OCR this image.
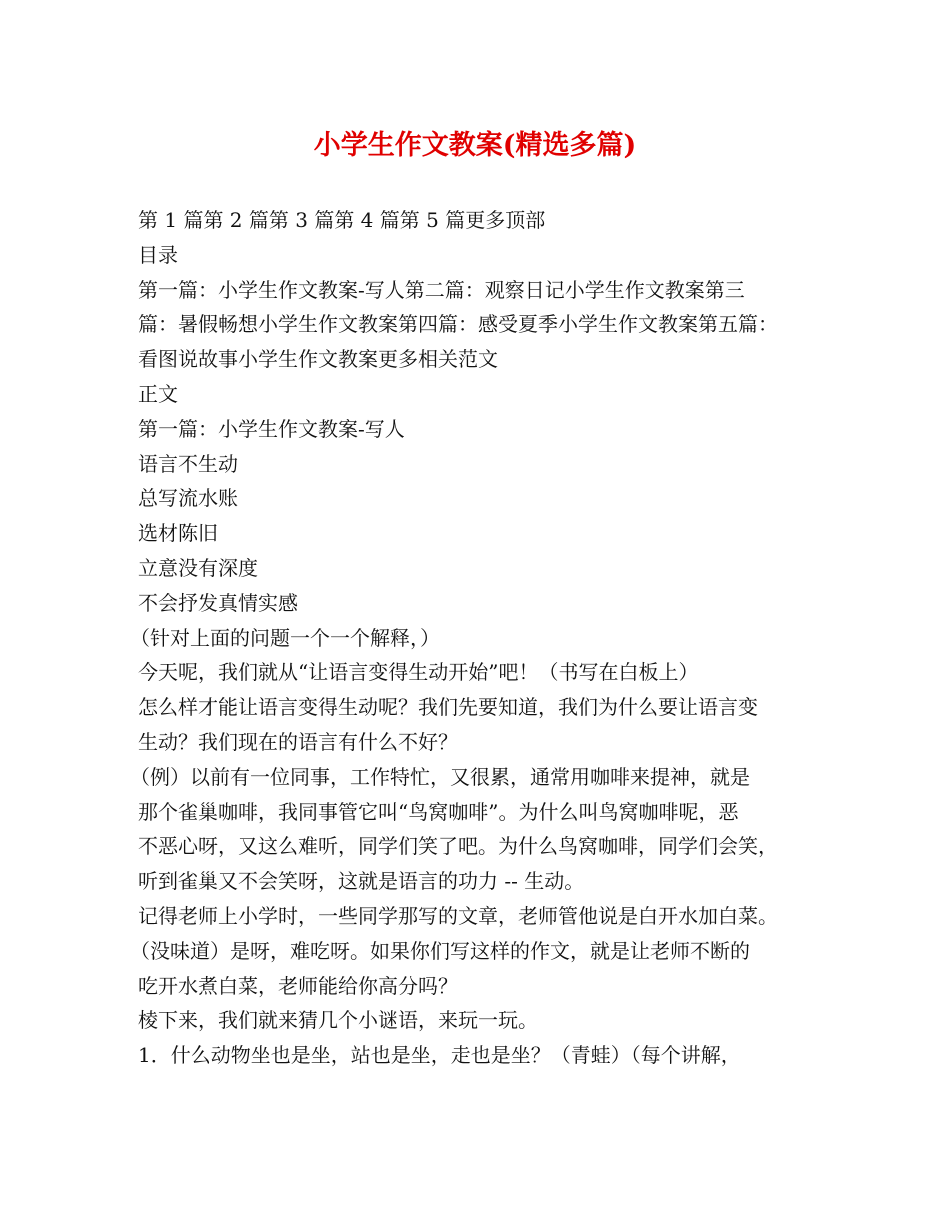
小学生作文教案(精选多篇)
第 1 篇第 2 篇第 3 篇第 4 篇第 5 篇更多顶部
目录
第一篇：小学生作文教案-写人第二篇：观察日记小学生作文教案第三
篇：暑假畅想小学生作文教案第四篇：感受夏季小学生作文教案第五篇：
看图说故事小学生作文教案更多相关范文
正文
第一篇：小学生作文教案-写人
语言不生动
总写流水账
选材陈旧
立意没有深度
不会抒发真情实感
（针对上面的问题一个一个解释，）
今天呢，我们就从“让语言变得生动开始”吧！（书写在白板上）
怎么样才能让语言变得生动呢？我们先要知道，我们为什么要让语言变
生动？我们现在的语言有什么不好？
（例）以前有一位同事，工作特忙，又很累，通常用咖啡来提神，就是
那个雀巢咖啡，我同事管它叫“鸟窝咖啡”。为什么叫鸟窝咖啡呢，恶
不恶心呀，又这么难听，同学们笑了吧。为什么鸟窝咖啡，同学们会笑，
听到雀巢又不会笑呀，这就是语言的功力 -- 生动。
记得老师上小学时，一些同学那写的文章，老师管他说是白开水加白菜。
（没味道）是呀，难吃呀。如果你们写这样的作文，就是让老师不断的
吃开水煮白菜，老师能给你高分吗？
棱下来，我们就来猜几个小谜语，来玩一玩。
1．什么动物坐也是坐，站也是坐，走也是坐？（青蛙）（每个讲解，
